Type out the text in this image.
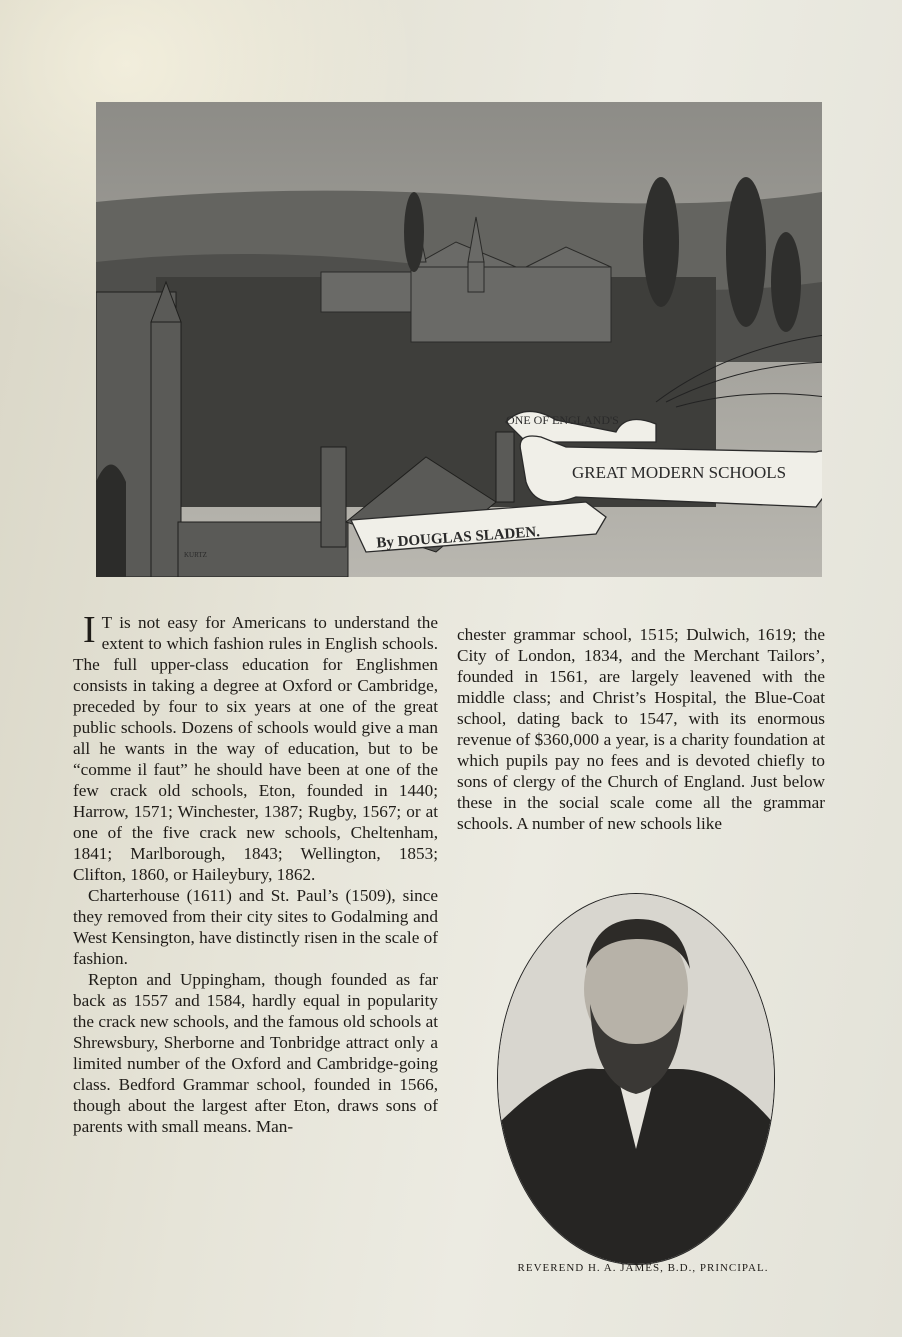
ONE OF ENGLAND'S
GREAT MODERN SCHOOLS
By DOUGLAS SLADEN.
KURTZ

I T is not easy for Americans to understand the extent to which fashion rules in English schools. The full upper-class education for Englishmen consists in taking a degree at Oxford or Cambridge, preceded by four to six years at one of the great public schools. Dozens of schools would give a man all he wants in the way of education, but to be “comme il faut” he should have been at one of the few crack old schools, Eton, founded in 1440; Harrow, 1571; Winchester, 1387; Rugby, 1567; or at one of the five crack new schools, Cheltenham, 1841; Marlborough, 1843; Wellington, 1853; Clifton, 1860, or Haileybury, 1862.

Charterhouse (1611) and St. Paul’s (1509), since they removed from their city sites to Godalming and West Kensington, have distinctly risen in the scale of fashion.

Repton and Uppingham, though founded as far back as 1557 and 1584, hardly equal in popularity the crack new schools, and the famous old schools at Shrewsbury, Sherborne and Tonbridge attract only a limited number of the Oxford and Cambridge-going class. Bedford Grammar school, founded in 1566, though about the largest after Eton, draws sons of parents with small means. Man-

chester grammar school, 1515; Dulwich, 1619; the City of London, 1834, and the Merchant Tailors’, founded in 1561, are largely leavened with the middle class; and Christ’s Hospital, the Blue-Coat school, dating back to 1547, with its enormous revenue of $360,000 a year, is a charity foundation at which pupils pay no fees and is devoted chiefly to sons of clergy of the Church of England. Just below these in the social scale come all the grammar schools. A number of new schools like

REVEREND H. A. JAMES, B.D., PRINCIPAL.
